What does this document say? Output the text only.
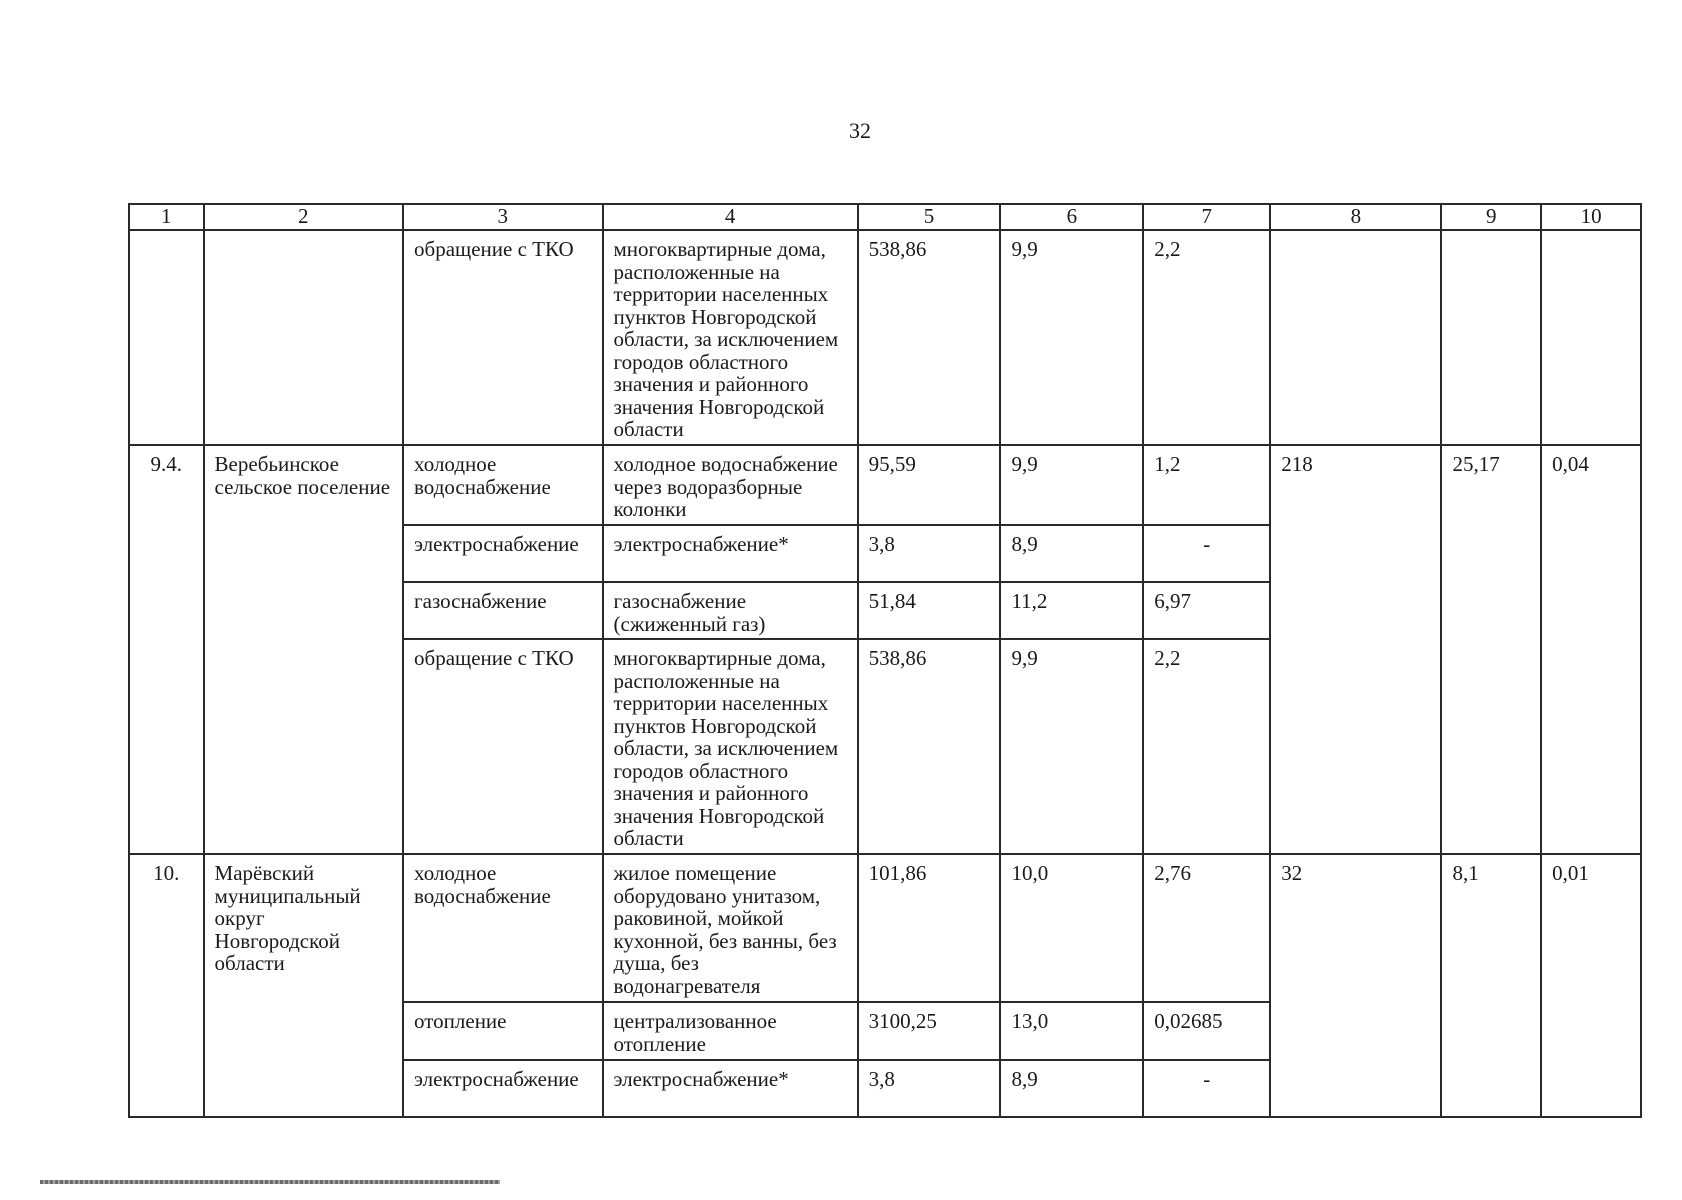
32
1	2	3	4	5	6	7	8	9	10
		обращение с ТКО	многоквартирные дома, расположенные на территории населенных пунктов Новгородской области, за исключением городов областного значения и районного значения Новгородской области	538,86	9,9	2,2			
9.4.	Веребьинское сельское поселение	холодное водоснабжение	холодное водоснабжение через водоразборные колонки	95,59	9,9	1,2	218	25,17	0,04
		электроснабжение	электроснабжение*	3,8	8,9	-			
		газоснабжение	газоснабжение (сжиженный газ)	51,84	11,2	6,97			
		обращение с ТКО	многоквартирные дома, расположенные на территории населенных пунктов Новгородской области, за исключением городов областного значения и районного значения Новгородской области	538,86	9,9	2,2			
10.	Марёвский муниципальный округ Новгородской области	холодное водоснабжение	жилое помещение оборудовано унитазом, раковиной, мойкой кухонной, без ванны, без душа, без водонагревателя	101,86	10,0	2,76	32	8,1	0,01
		отопление	централизованное отопление	3100,25	13,0	0,02685			
		электроснабжение	электроснабжение*	3,8	8,9	-			
